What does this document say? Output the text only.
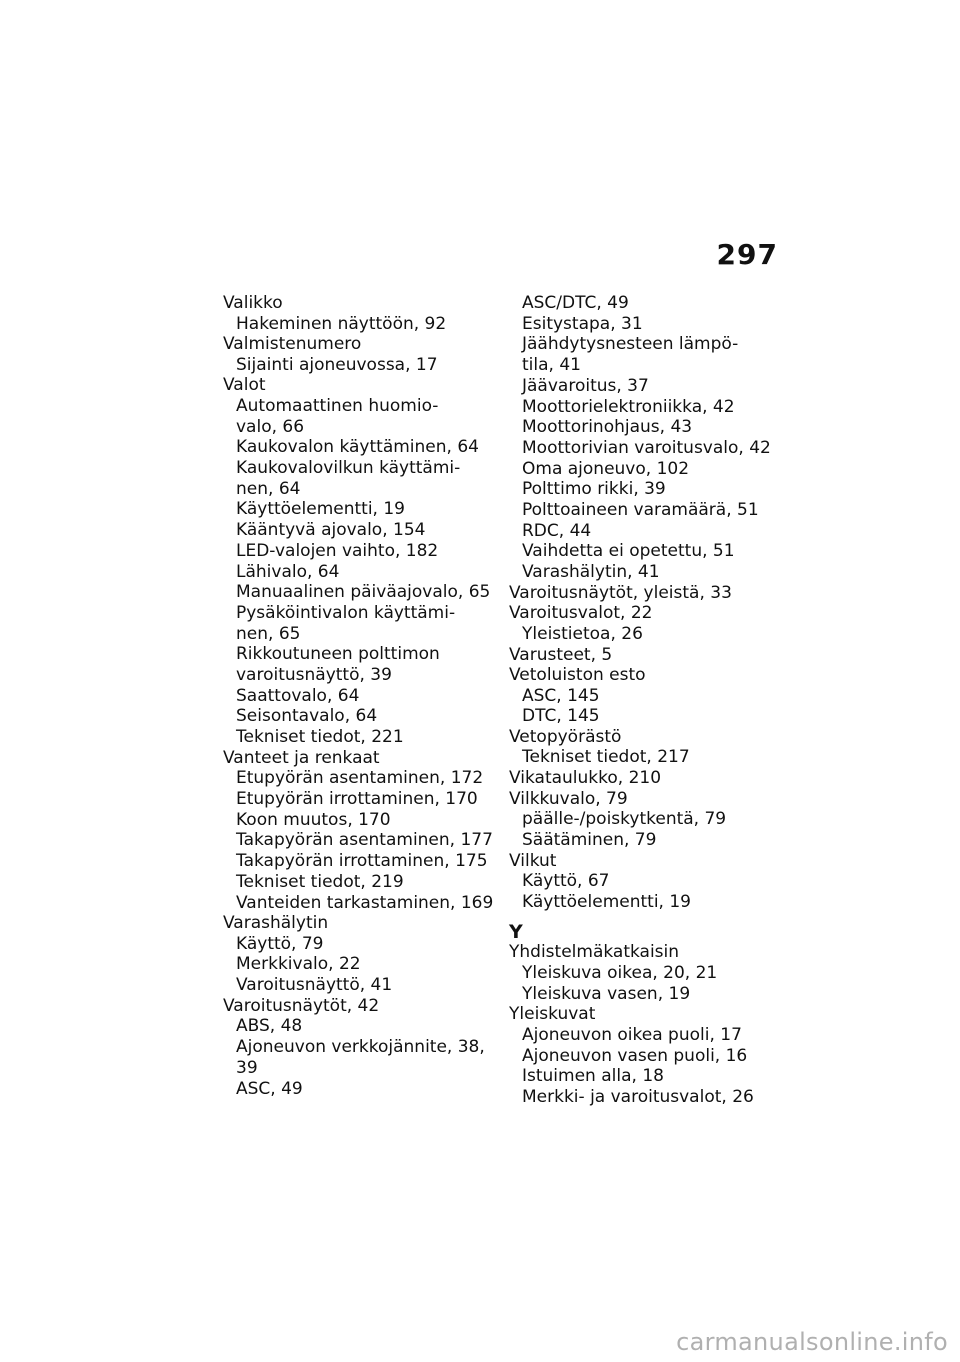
297
Valikko
Hakeminen näyttöön, 92
Valmistenumero
Sijainti ajoneuvossa, 17
Valot
Automaattinen huomio-
valo, 66
Kaukovalon käyttäminen, 64
Kaukovalovilkun käyttämi-
nen, 64
Käyttöelementti, 19
Kääntyvä ajovalo, 154
LED-valojen vaihto, 182
Lähivalo, 64
Manuaalinen päiväajovalo, 65
Pysäköintivalon käyttämi-
nen, 65
Rikkoutuneen polttimon
varoitusnäyttö, 39
Saattovalo, 64
Seisontavalo, 64
Tekniset tiedot, 221
Vanteet ja renkaat
Etupyörän asentaminen, 172
Etupyörän irrottaminen, 170
Koon muutos, 170
Takapyörän asentaminen, 177
Takapyörän irrottaminen, 175
Tekniset tiedot, 219
Vanteiden tarkastaminen, 169
Varashälytin
Käyttö, 79
Merkkivalo, 22
Varoitusnäyttö, 41
Varoitusnäytöt, 42
ABS, 48
Ajoneuvon verkkojännite, 38,
39
ASC, 49
ASC/DTC, 49
Esitystapa, 31
Jäähdytysnesteen lämpö-
tila, 41
Jäävaroitus, 37
Moottorielektroniikka, 42
Moottorinohjaus, 43
Moottorivian varoitusvalo, 42
Oma ajoneuvo, 102
Polttimo rikki, 39
Polttoaineen varamäärä, 51
RDC, 44
Vaihdetta ei opetettu, 51
Varashälytin, 41
Varoitusnäytöt, yleistä, 33
Varoitusvalot, 22
Yleistietoa, 26
Varusteet, 5
Vetoluiston esto
ASC, 145
DTC, 145
Vetopyörästö
Tekniset tiedot, 217
Vikataulukko, 210
Vilkkuvalo, 79
päälle-/poiskytkentä, 79
Säätäminen, 79
Vilkut
Käyttö, 67
Käyttöelementti, 19
Y
Yhdistelmäkatkaisin
Yleiskuva oikea, 20, 21
Yleiskuva vasen, 19
Yleiskuvat
Ajoneuvon oikea puoli, 17
Ajoneuvon vasen puoli, 16
Istuimen alla, 18
Merkki- ja varoitusvalot, 26
carmanualsonline.info
